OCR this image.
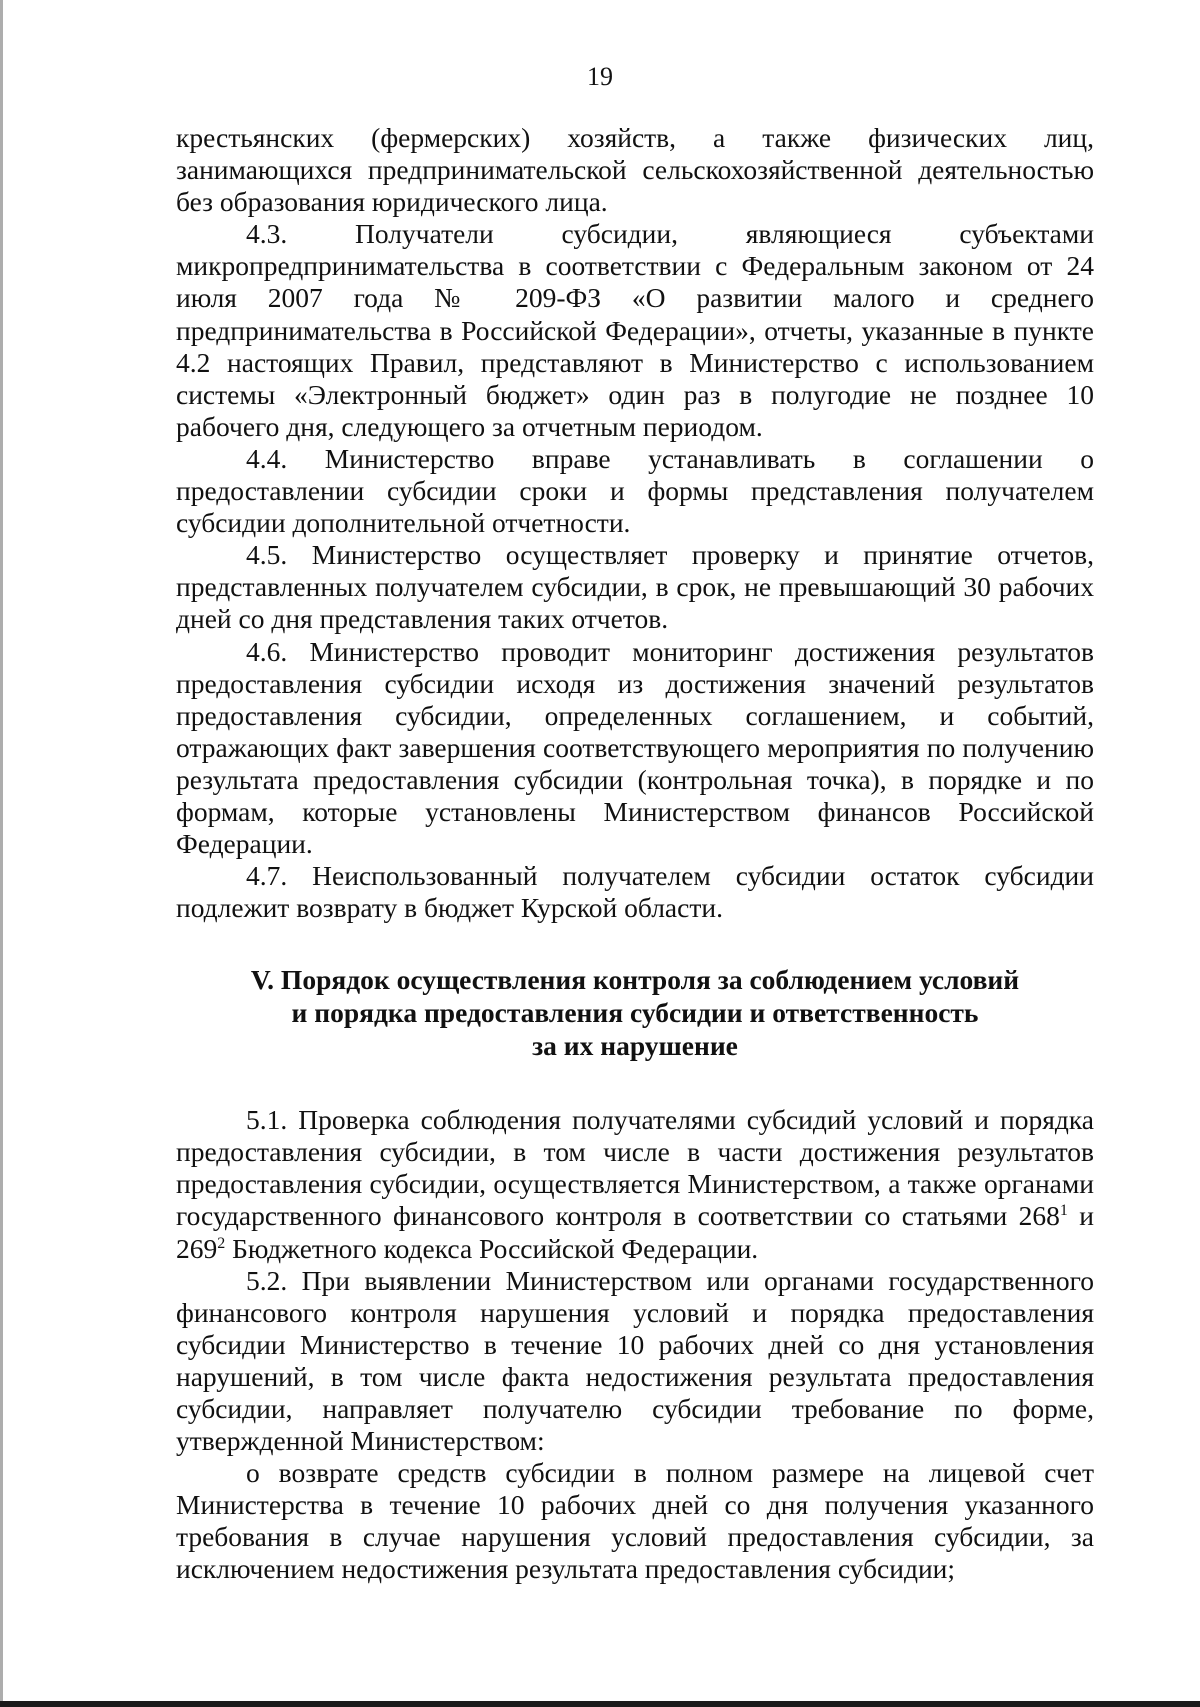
19

крестьянских (фермерских) хозяйств, а также физических лиц, занимающихся предпринимательской сельскохозяйственной деятельностью без образования юридического лица.

4.3. Получатели субсидии, являющиеся субъектами микропредпринимательства в соответствии с Федеральным законом от 24 июля 2007 года № 209-ФЗ «О развитии малого и среднего предпринимательства в Российской Федерации», отчеты, указанные в пункте 4.2 настоящих Правил, представляют в Министерство с использованием системы «Электронный бюджет» один раз в полугодие не позднее 10 рабочего дня, следующего за отчетным периодом.

4.4. Министерство вправе устанавливать в соглашении о предоставлении субсидии сроки и формы представления получателем субсидии дополнительной отчетности.

4.5. Министерство осуществляет проверку и принятие отчетов, представленных получателем субсидии, в срок, не превышающий 30 рабочих дней со дня представления таких отчетов.

4.6. Министерство проводит мониторинг достижения результатов предоставления субсидии исходя из достижения значений результатов предоставления субсидии, определенных соглашением, и событий, отражающих факт завершения соответствующего мероприятия по получению результата предоставления субсидии (контрольная точка), в порядке и по формам, которые установлены Министерством финансов Российской Федерации.

4.7. Неиспользованный получателем субсидии остаток субсидии подлежит возврату в бюджет Курской области.

V. Порядок осуществления контроля за соблюдением условий
и порядка предоставления субсидии и ответственность
за их нарушение

5.1. Проверка соблюдения получателями субсидий условий и порядка предоставления субсидии, в том числе в части достижения результатов предоставления субсидии, осуществляется Министерством, а также органами государственного финансового контроля в соответствии со статьями $268^1$ и $269^2$ Бюджетного кодекса Российской Федерации.

5.2. При выявлении Министерством или органами государственного финансового контроля нарушения условий и порядка предоставления субсидии Министерство в течение 10 рабочих дней со дня установления нарушений, в том числе факта недостижения результата предоставления субсидии, направляет получателю субсидии требование по форме, утвержденной Министерством:

о возврате средств субсидии в полном размере на лицевой счет Министерства в течение 10 рабочих дней со дня получения указанного требования в случае нарушения условий предоставления субсидии, за исключением недостижения результата предоставления субсидии;
